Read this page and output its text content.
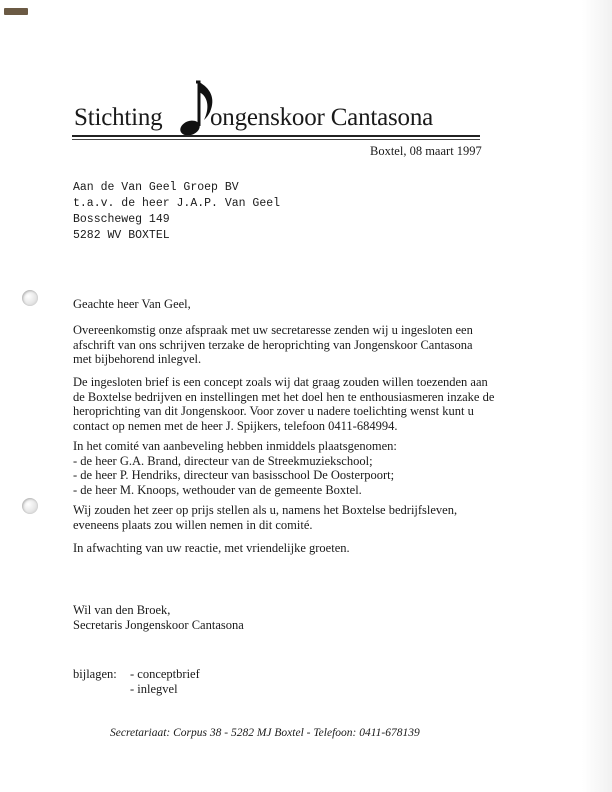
Stichting ongenskoor Cantasona
Boxtel, 08 maart 1997
Aan de Van Geel Groep BV
t.a.v. de heer J.A.P. Van Geel
Bosscheweg 149
5282 WV BOXTEL
Geachte heer Van Geel,
Overeenkomstig onze afspraak met uw secretaresse zenden wij u ingesloten een
afschrift van ons schrijven terzake de heroprichting van Jongenskoor Cantasona
met bijbehorend inlegvel.
De ingesloten brief is een concept zoals wij dat graag zouden willen toezenden aan
de Boxtelse bedrijven en instellingen met het doel hen te enthousiasmeren inzake de
heroprichting van dit Jongenskoor. Voor zover u nadere toelichting wenst kunt u
contact op nemen met de heer J. Spijkers, telefoon 0411-684994.
In het comité van aanbeveling hebben inmiddels plaatsgenomen:
- de heer G.A. Brand, directeur van de Streekmuziekschool;
- de heer P. Hendriks, directeur van basisschool De Oosterpoort;
- de heer M. Knoops, wethouder van de gemeente Boxtel.
Wij zouden het zeer op prijs stellen als u, namens het Boxtelse bedrijfsleven,
eveneens plaats zou willen nemen in dit comité.
In afwachting van uw reactie, met vriendelijke groeten.
Wil van den Broek,
Secretaris Jongenskoor Cantasona
bijlagen: - conceptbrief
- inlegvel
Secretariaat: Corpus 38 - 5282 MJ Boxtel - Telefoon: 0411-678139
